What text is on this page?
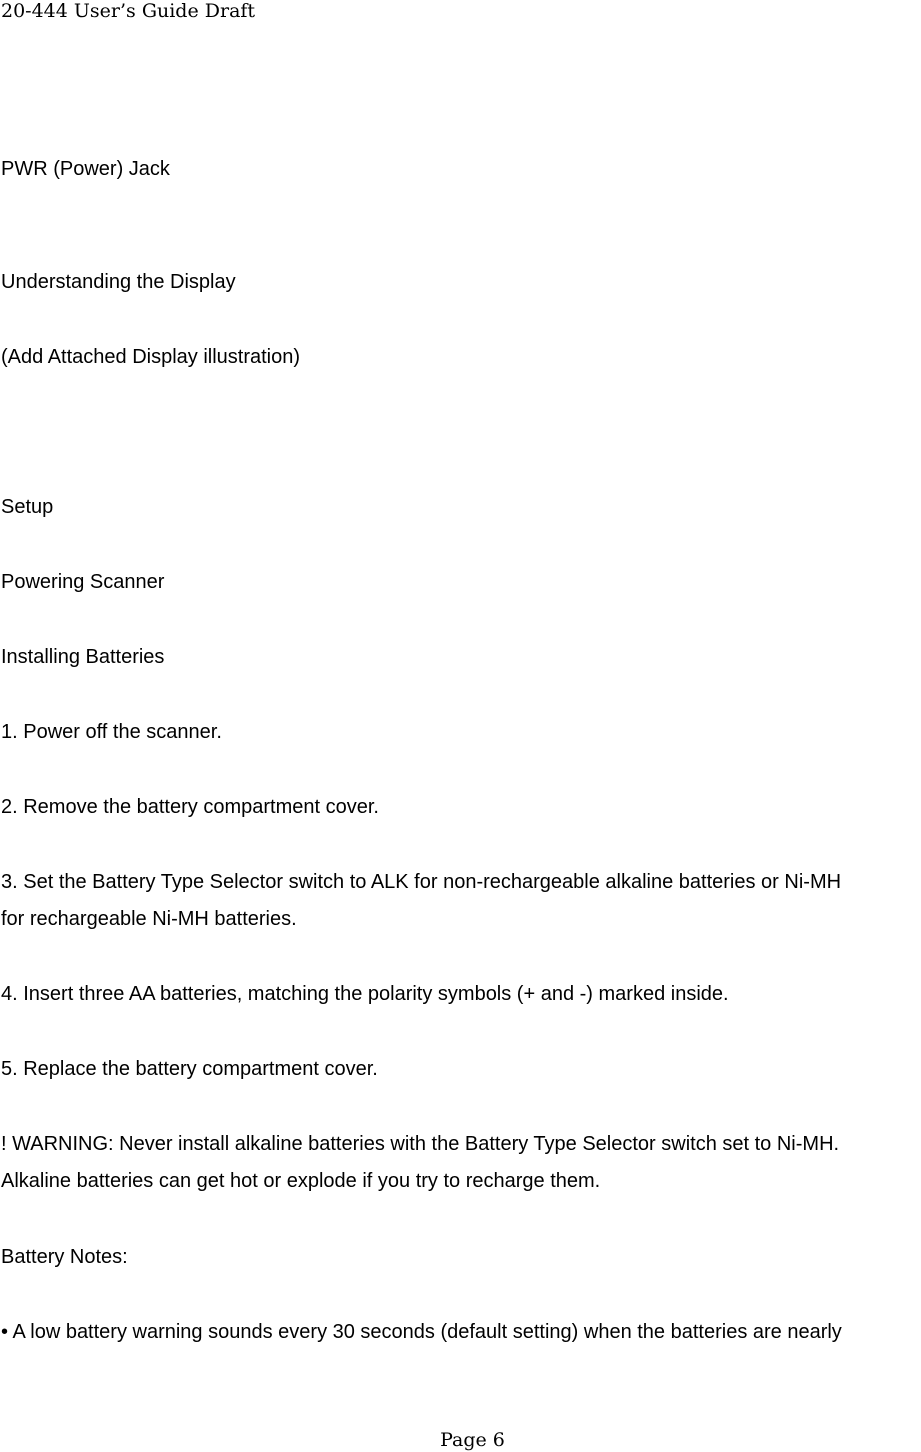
20-444 User’s Guide Draft
PWR (Power) Jack
Understanding the Display
(Add Attached Display illustration)
Setup
Powering Scanner
Installing Batteries
1. Power off the scanner.
2. Remove the battery compartment cover.
3. Set the Battery Type Selector switch to ALK for non-rechargeable alkaline batteries or Ni-MH
for rechargeable Ni-MH batteries.
4. Insert three AA batteries, matching the polarity symbols (+ and -) marked inside.
5. Replace the battery compartment cover.
! WARNING: Never install alkaline batteries with the Battery Type Selector switch set to Ni-MH.
Alkaline batteries can get hot or explode if you try to recharge them.
Battery Notes:
• A low battery warning sounds every 30 seconds (default setting) when the batteries are nearly
Page 6
